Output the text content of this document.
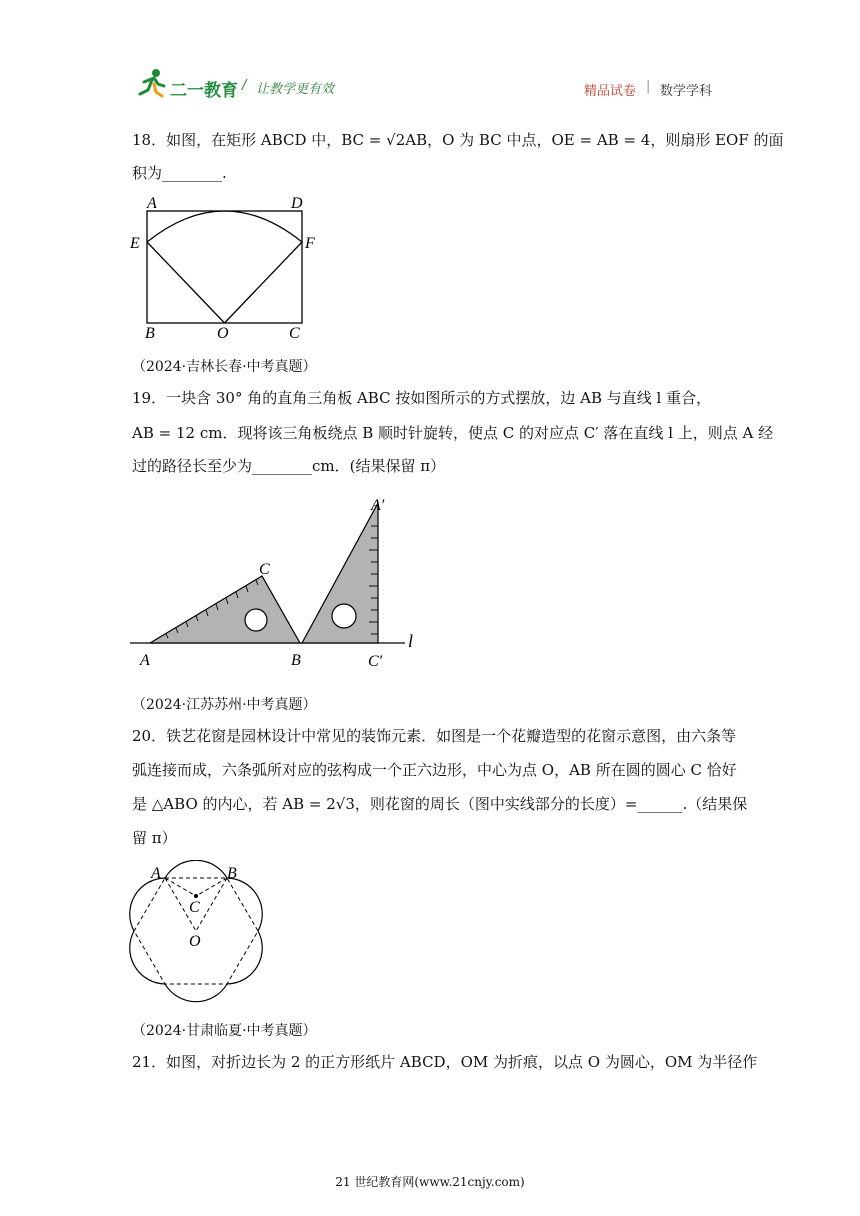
二一教育 / 让教学更有效	精品试卷 | 数学学科
18．如图，在矩形 ABCD 中，BC = √2AB，O 为 BC 中点，OE = AB = 4，则扇形 EOF 的面
积为________.
A	D
E	F
B	O	C
（2024·吉林长春·中考真题）
19．一块含 30° 角的直角三角板 ABC 按如图所示的方式摆放，边 AB 与直线 l 重合，
AB = 12 cm．现将该三角板绕点 B 顺时针旋转，使点 C 的对应点 C′ 落在直线 l 上，则点 A 经
过的路径长至少为________cm．(结果保留 π）
A
C
B
A′
C′
l
（2024·江苏苏州·中考真题）
20．铁艺花窗是园林设计中常见的装饰元素．如图是一个花瓣造型的花窗示意图，由六条等
弧连接而成，六条弧所对应的弦构成一个正六边形，中心为点 O，AB 所在圆的圆心 C 恰好
是 △ABO 的内心，若 AB = 2√3，则花窗的周长（图中实线部分的长度）=______.（结果保
留 π）
A	B
C
O
（2024·甘肃临夏·中考真题）
21．如图，对折边长为 2 的正方形纸片 ABCD，OM 为折痕，以点 O 为圆心，OM 为半径作
21 世纪教育网(www.21cnjy.com)
